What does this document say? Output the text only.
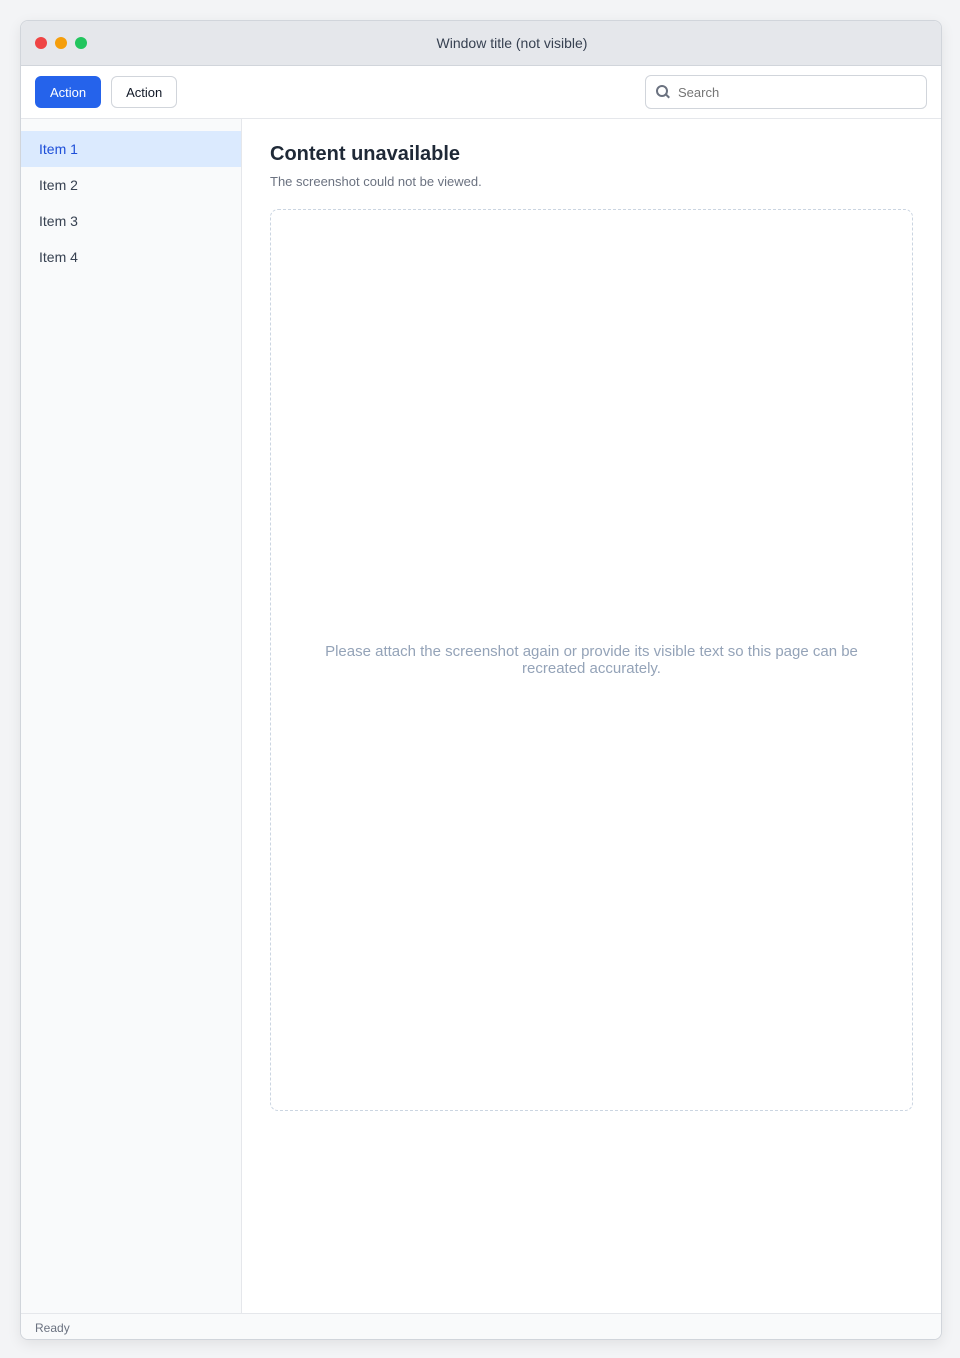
Window title (not visible)
Action	Action
Search
Item 1
Item 2
Item 3
Item 4
Content unavailable

The screenshot could not be viewed.

Please attach the screenshot again or provide its visible text so this page can be recreated accurately.
Ready
